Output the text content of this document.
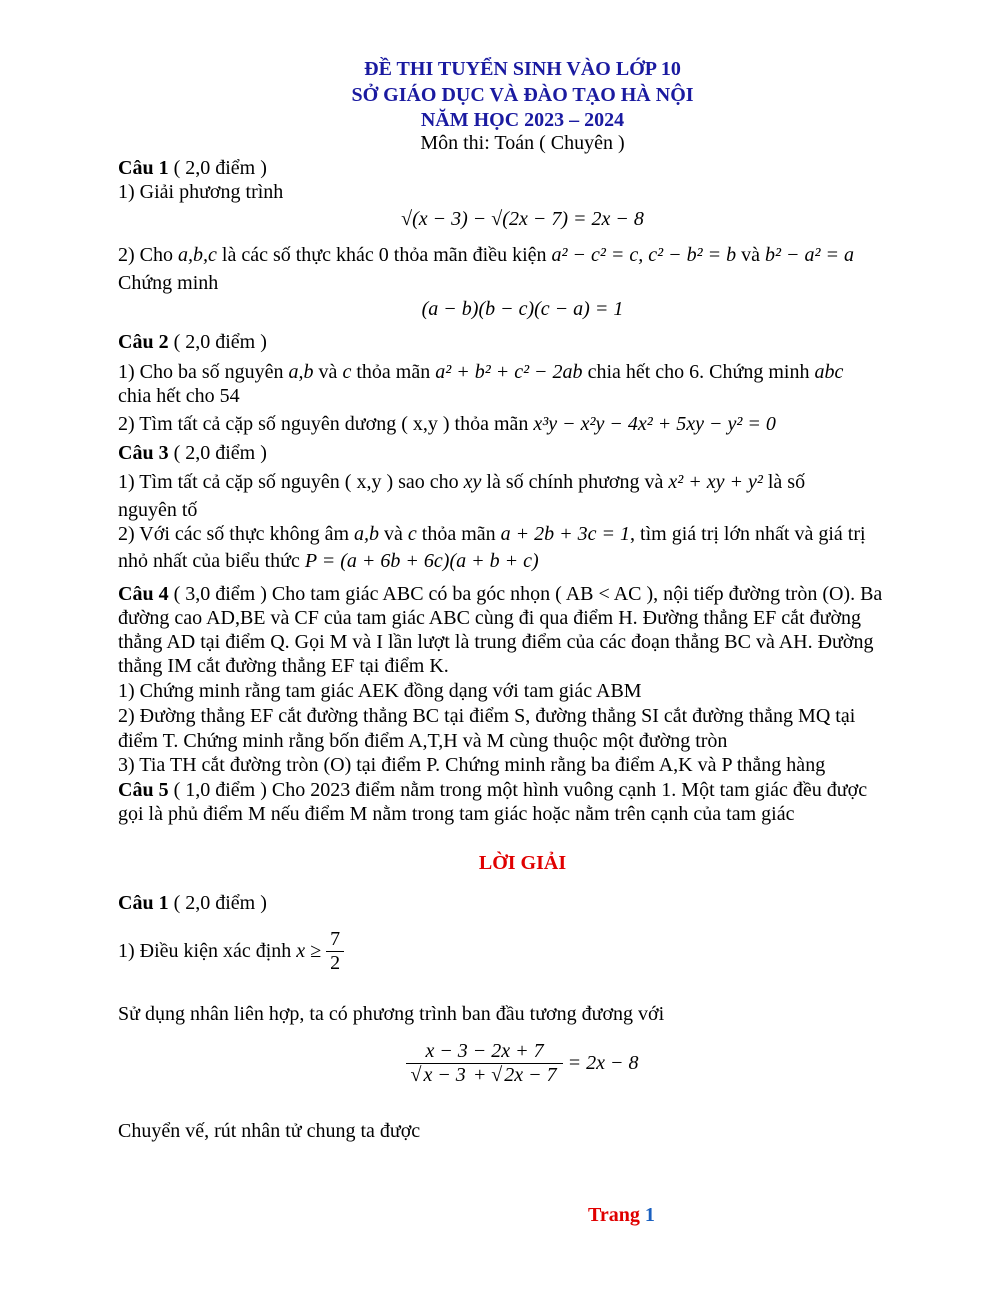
ĐỀ THI TUYỂN SINH VÀO LỚP 10
SỞ GIÁO DỤC VÀ ĐÀO TẠO HÀ NỘI
NĂM HỌC 2023 – 2024
Môn thi: Toán ( Chuyên )
Câu 1 ( 2,0 điểm )
1) Giải phương trình
√(x − 3) − √(2x − 7) = 2x − 8
2) Cho a,b,c là các số thực khác 0 thỏa mãn điều kiện a² − c² = c, c² − b² = b và b² − a² = a
Chứng minh
(a − b)(b − c)(c − a) = 1
Câu 2 ( 2,0 điểm )
1) Cho ba số nguyên a,b và c thỏa mãn a² + b² + c² − 2ab chia hết cho 6. Chứng minh abc
chia hết cho 54
2) Tìm tất cả cặp số nguyên dương ( x,y ) thỏa mãn x³y − x²y − 4x² + 5xy − y² = 0
Câu 3 ( 2,0 điểm )
1) Tìm tất cả cặp số nguyên ( x,y ) sao cho xy là số chính phương và x² + xy + y² là số
nguyên tố
2) Với các số thực không âm a,b và c thỏa mãn a + 2b + 3c = 1, tìm giá trị lớn nhất và giá trị
nhỏ nhất của biểu thức P = (a + 6b + 6c)(a + b + c)
Câu 4 ( 3,0 điểm ) Cho tam giác ABC có ba góc nhọn ( AB < AC ), nội tiếp đường tròn (O). Ba
đường cao AD,BE và CF của tam giác ABC cùng đi qua điểm H. Đường thẳng EF cắt đường
thẳng AD tại điểm Q. Gọi M và I lần lượt là trung điểm của các đoạn thẳng BC và AH. Đường
thẳng IM cắt đường thẳng EF tại điểm K.
1) Chứng minh rằng tam giác AEK đồng dạng với tam giác ABM
2) Đường thẳng EF cắt đường thẳng BC tại điểm S, đường thẳng SI cắt đường thẳng MQ tại
điểm T. Chứng minh rằng bốn điểm A,T,H và M cùng thuộc một đường tròn
3) Tia TH cắt đường tròn (O) tại điểm P. Chứng minh rằng ba điểm A,K và P thẳng hàng
Câu 5 ( 1,0 điểm ) Cho 2023 điểm nằm trong một hình vuông cạnh 1. Một tam giác đều được
gọi là phủ điểm M nếu điểm M nằm trong tam giác hoặc nằm trên cạnh của tam giác
LỜI GIẢI
Câu 1 ( 2,0 điểm )
1) Điều kiện xác định $x \ge \frac{7}{2}$
Sử dụng nhân liên hợp, ta có phương trình ban đầu tương đương với
$\frac{x - 3 - 2x + 7}{√ x - 3 + √ 2x - 7} = 2x - 8$
Chuyển vế, rút nhân tử chung ta được
Trang 1
